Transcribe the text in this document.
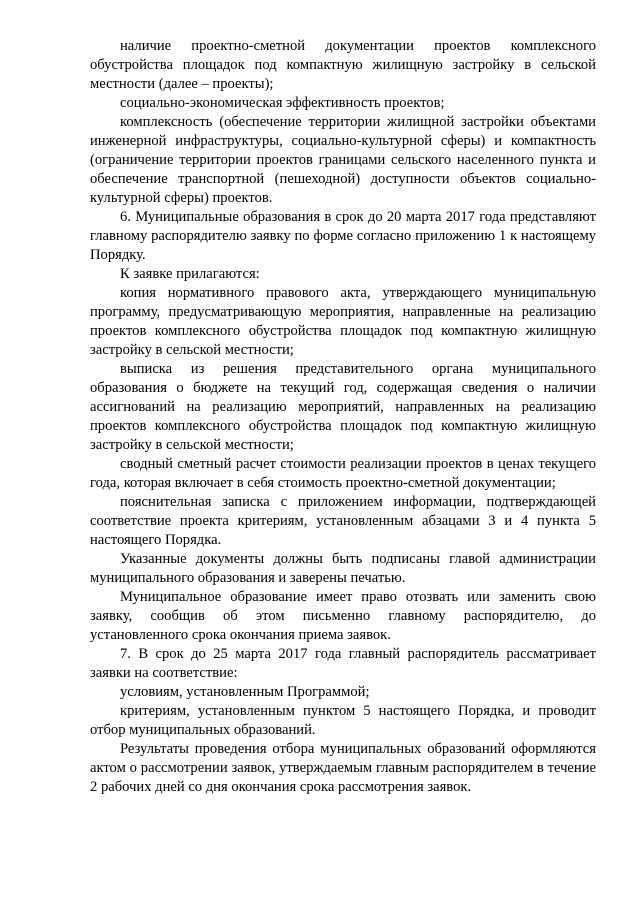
наличие проектно-сметной документации проектов комплексного обустройства площадок под компактную жилищную застройку в сельской местности (далее – проекты);

социально-экономическая эффективность проектов;

комплексность (обеспечение территории жилищной застройки объектами инженерной инфраструктуры, социально-культурной сферы) и компактность (ограничение территории проектов границами сельского населенного пункта и обеспечение транспортной (пешеходной) доступности объектов социально-культурной сферы) проектов.

6. Муниципальные образования в срок до 20 марта 2017 года представляют главному распорядителю заявку по форме согласно приложению 1 к настоящему Порядку.

К заявке прилагаются:

копия нормативного правового акта, утверждающего муниципальную программу, предусматривающую мероприятия, направленные на реализацию проектов комплексного обустройства площадок под компактную жилищную застройку в сельской местности;

выписка из решения представительного органа муниципального образования о бюджете на текущий год, содержащая сведения о наличии ассигнований на реализацию мероприятий, направленных на реализацию проектов комплексного обустройства площадок под компактную жилищную застройку в сельской местности;

сводный сметный расчет стоимости реализации проектов в ценах текущего года, которая включает в себя стоимость проектно-сметной документации;

пояснительная записка с приложением информации, подтверждающей соответствие проекта критериям, установленным абзацами 3 и 4 пункта 5 настоящего Порядка.

Указанные документы должны быть подписаны главой администрации муниципального образования и заверены печатью.

Муниципальное образование имеет право отозвать или заменить свою заявку, сообщив об этом письменно главному распорядителю, до установленного срока окончания приема заявок.

7. В срок до 25 марта 2017 года главный распорядитель рассматривает заявки на соответствие:

условиям, установленным Программой;

критериям, установленным пунктом 5 настоящего Порядка, и проводит отбор муниципальных образований.

Результаты проведения отбора муниципальных образований оформляются актом о рассмотрении заявок, утверждаемым главным распорядителем в течение 2 рабочих дней со дня окончания срока рассмотрения заявок.
